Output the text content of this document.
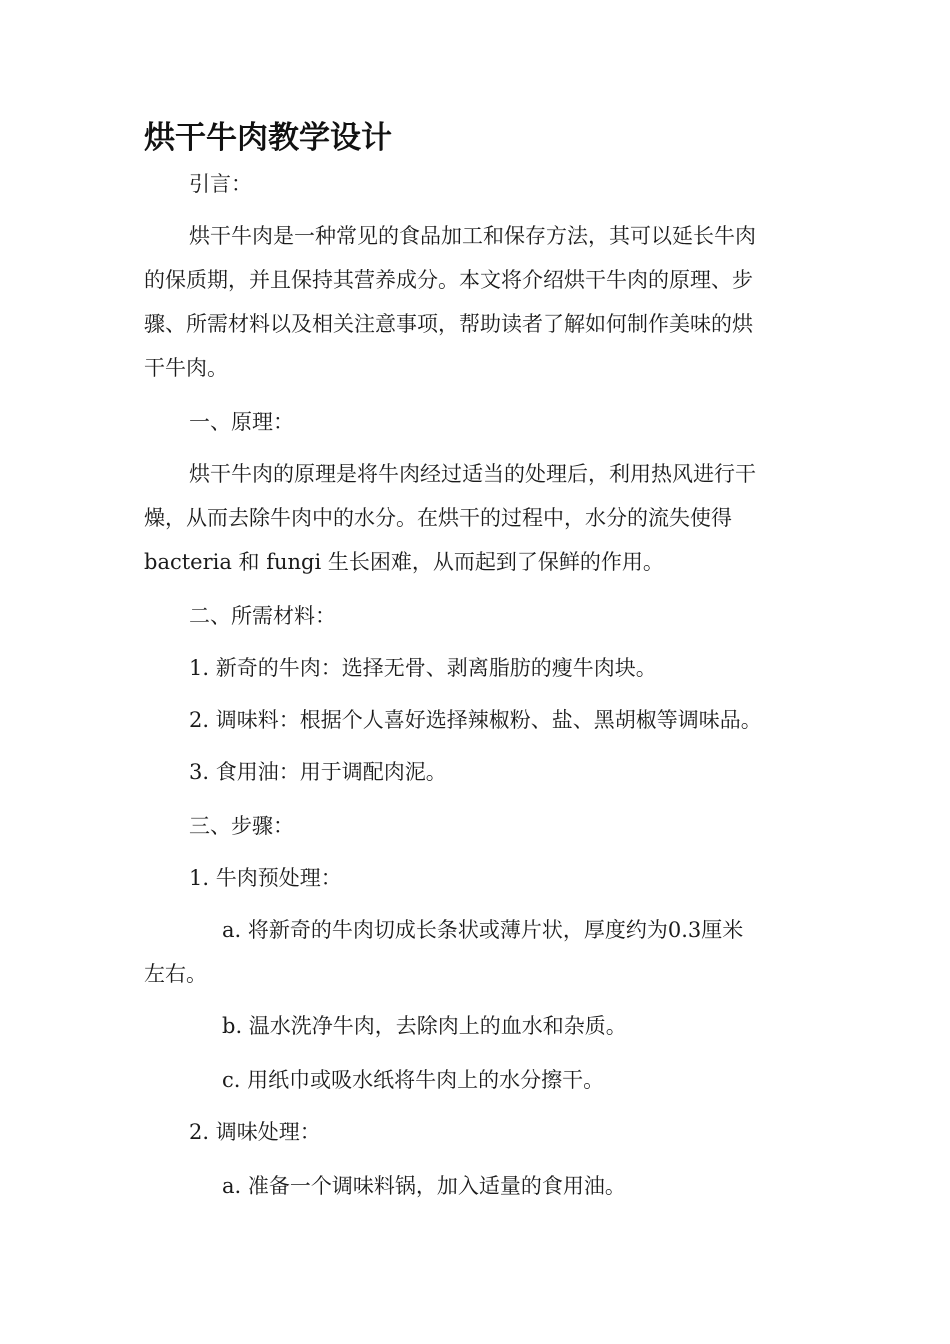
烘干牛肉教学设计

引言：

烘干牛肉是一种常见的食品加工和保存方法，其可以延长牛肉

的保质期，并且保持其营养成分。本文将介绍烘干牛肉的原理、步

骤、所需材料以及相关注意事项，帮助读者了解如何制作美味的烘

干牛肉。

一、原理：

烘干牛肉的原理是将牛肉经过适当的处理后，利用热风进行干

燥，从而去除牛肉中的水分。在烘干的过程中，水分的流失使得

bacteria 和 fungi 生长困难，从而起到了保鲜的作用。

二、所需材料：

1. 新奇的牛肉：选择无骨、剥离脂肪的瘦牛肉块。

2. 调味料：根据个人喜好选择辣椒粉、盐、黑胡椒等调味品。

3. 食用油：用于调配肉泥。

三、步骤：

1. 牛肉预处理：

a. 将新奇的牛肉切成长条状或薄片状，厚度约为0.3厘米

左右。

b. 温水洗净牛肉，去除肉上的血水和杂质。

c. 用纸巾或吸水纸将牛肉上的水分擦干。

2. 调味处理：

a. 准备一个调味料锅，加入适量的食用油。
